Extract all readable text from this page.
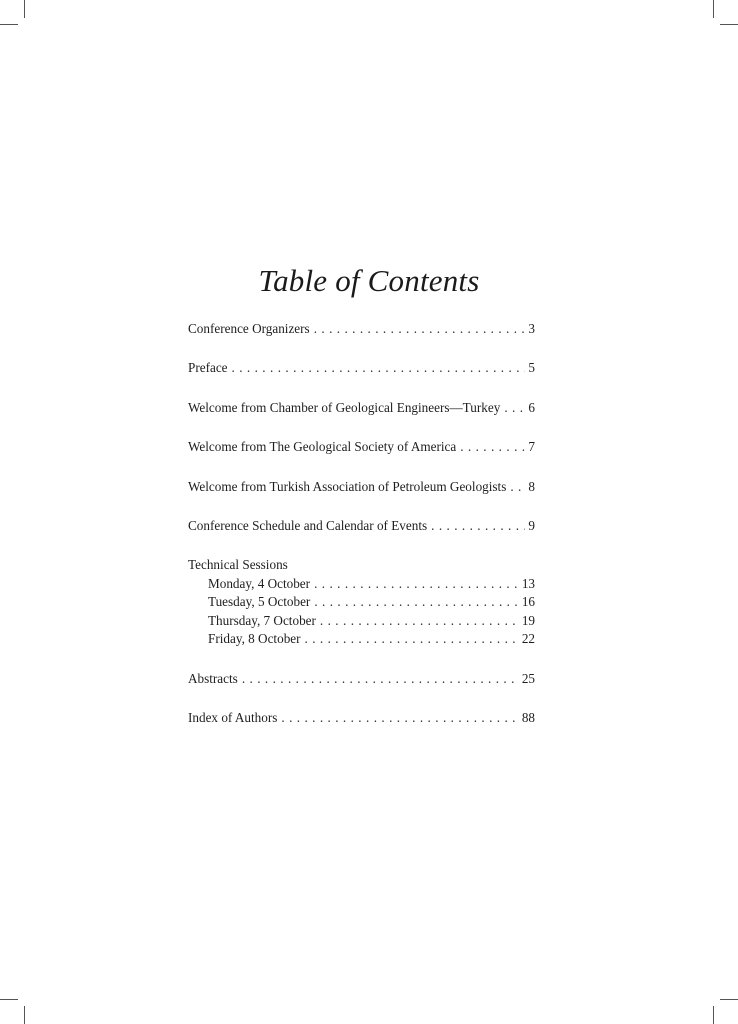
Table of Contents
Conference Organizers . . .	3
Preface . . .	5
Welcome from Chamber of Geological Engineers—Turkey . . .	6
Welcome from The Geological Society of America . . .	7
Welcome from Turkish Association of Petroleum Geologists . . .	8
Conference Schedule and Calendar of Events . . .	9
Technical Sessions
Monday, 4 October . . .	13
Tuesday, 5 October . . .	16
Thursday, 7 October . . .	19
Friday, 8 October . . .	22
Abstracts . . .	25
Index of Authors . . .	88
